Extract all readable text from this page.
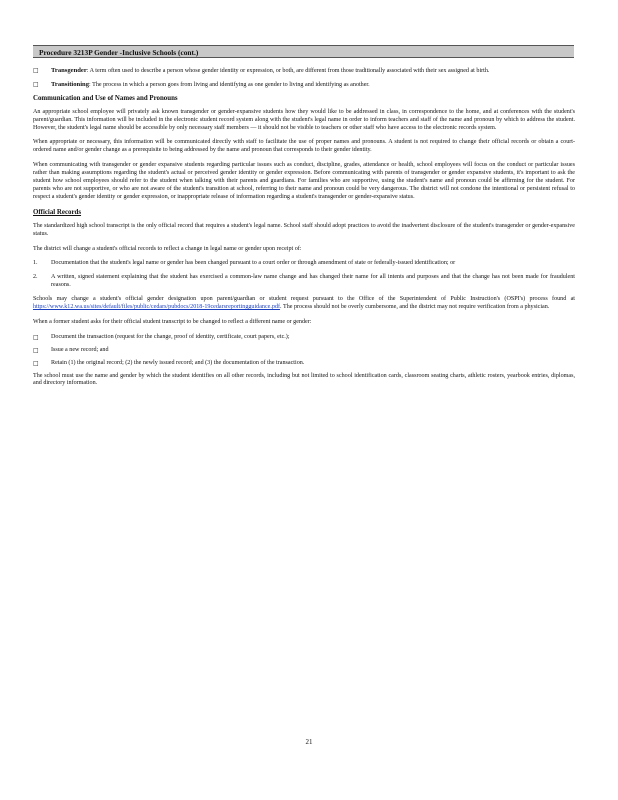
Procedure 3213P Gender -Inclusive Schools (cont.)
□	Transgender: A term often used to describe a person whose gender identity or expression, or both, are different from those traditionally associated with their sex assigned at birth.
□	Transitioning: The process in which a person goes from living and identifying as one gender to living and identifying as another.
Communication and Use of Names and Pronouns

An appropriate school employee will privately ask known transgender or gender-expansive students how they would like to be addressed in class, in correspondence to the home, and at conferences with the student's parent/guardian. This information will be included in the electronic student record system along with the student's legal name in order to inform teachers and staff of the name and pronoun by which to address the student. However, the student's legal name should be accessible by only necessary staff members — it should not be visible to teachers or other staff who have access to the electronic records system.

When appropriate or necessary, this information will be communicated directly with staff to facilitate the use of proper names and pronouns. A student is not required to change their official records or obtain a court-ordered name and/or gender change as a prerequisite to being addressed by the name and pronoun that corresponds to their gender identity.

When communicating with transgender or gender expansive students regarding particular issues such as conduct, discipline, grades, attendance or health, school employees will focus on the conduct or particular issues rather than making assumptions regarding the student's actual or perceived gender identity or gender expression. Before communicating with parents of transgender or gender expansive students, it's important to ask the student how school employees should refer to the student when talking with their parents and guardians. For families who are supportive, using the student's name and pronoun could be affirming for the student. For parents who are not supportive, or who are not aware of the student's transition at school, referring to their name and pronoun could be very dangerous. The district will not condone the intentional or persistent refusal to respect a student's gender identity or gender expression, or inappropriate release of information regarding a student's transgender or gender-expansive status.

Official Records

The standardized high school transcript is the only official record that requires a student's legal name. School staff should adopt practices to avoid the inadvertent disclosure of the student's transgender or gender-expansive status.

The district will change a student's official records to reflect a change in legal name or gender upon receipt of:

1.	Documentation that the student's legal name or gender has been changed pursuant to a court order or through amendment of state or federally-issued identification; or
2.	A written, signed statement explaining that the student has exercised a common-law name change and has changed their name for all intents and purposes and that the change has not been made for fraudulent reasons.

Schools may change a student's official gender designation upon parent/guardian or student request pursuant to the Office of the Superintendent of Public Instruction's (OSPI's) process found at https://www.k12.wa.us/sites/default/files/public/cedars/pubdocs/2018-19cedarsreportingguidance.pdf. The process should not be overly cumbersome, and the district may not require verification from a physician.

When a former student asks for their official student transcript to be changed to reflect a different name or gender:

□	Document the transaction (request for the change, proof of identity, certificate, court papers, etc.);
□	Issue a new record; and
□	Retain (1) the original record; (2) the newly issued record; and (3) the documentation of the transaction.

The school must use the name and gender by which the student identifies on all other records, including but not limited to school identification cards, classroom seating charts, athletic rosters, yearbook entries, diplomas, and directory information.

21
